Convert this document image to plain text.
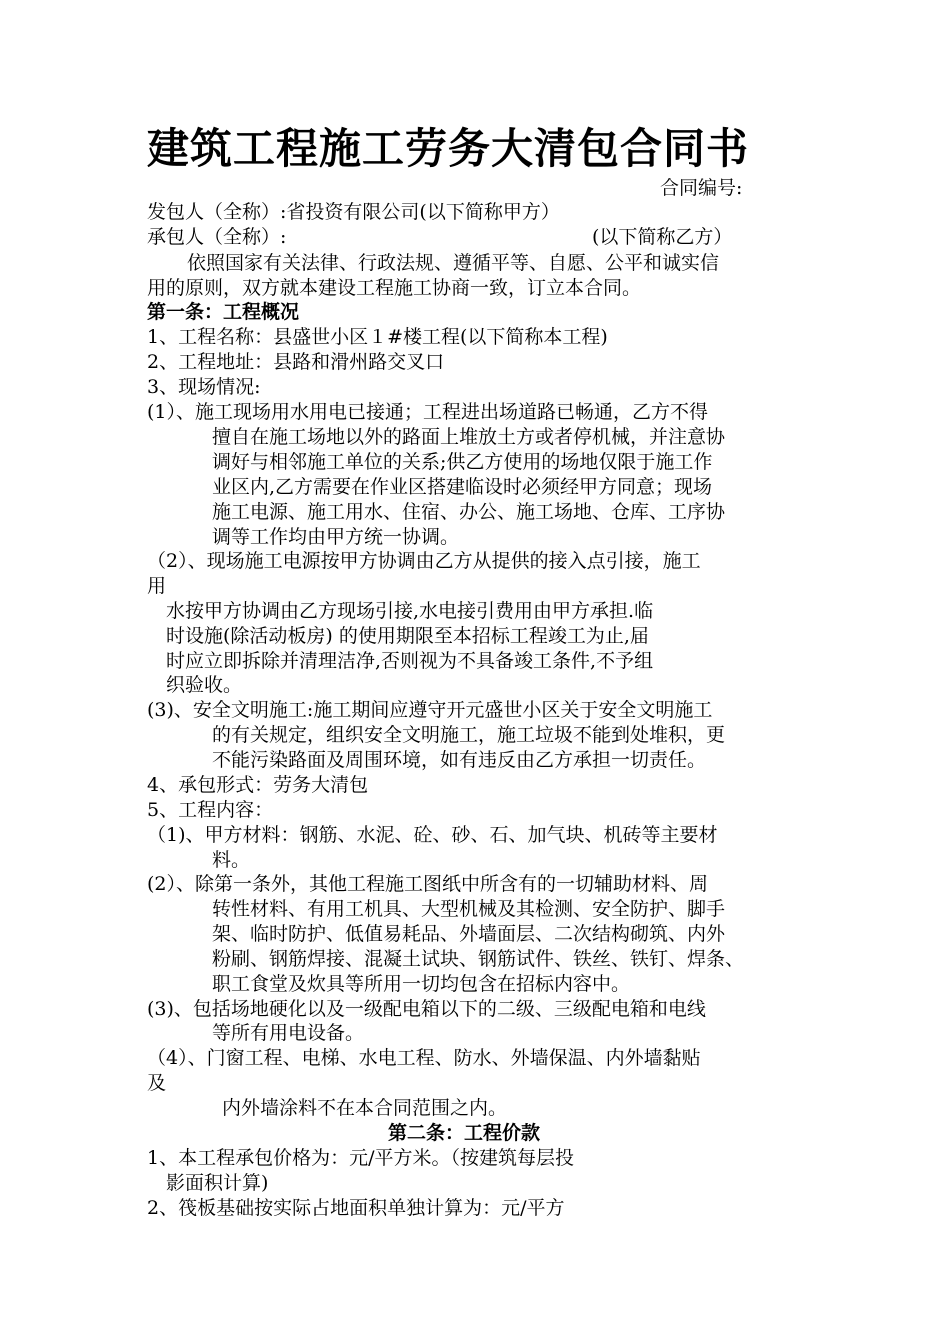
建筑工程施工劳务大清包合同书
合同编号:
发包人（全称）:省投资有限公司(以下简称甲方）
承包人（全称）:	(以下简称乙方）
依照国家有关法律、行政法规、遵循平等、自愿、公平和诚实信
用的原则，双方就本建设工程施工协商一致，订立本合同。
第一条：工程概况
1、工程名称：县盛世小区１#楼工程(以下简称本工程)
2、工程地址：县路和滑州路交叉口
3、现场情况:
(1）、施工现场用水用电已接通；工程进出场道路已畅通，乙方不得
擅自在施工场地以外的路面上堆放土方或者停机械，并注意协
调好与相邻施工单位的关系;供乙方使用的场地仅限于施工作
业区内,乙方需要在作业区搭建临设时必须经甲方同意；现场
施工电源、施工用水、住宿、办公、施工场地、仓库、工序协
调等工作均由甲方统一协调。
（2）、现场施工电源按甲方协调由乙方从提供的接入点引接，施工
用
水按甲方协调由乙方现场引接,水电接引费用由甲方承担.临
时设施(除活动板房) 的使用期限至本招标工程竣工为止,届
时应立即拆除并清理洁净,否则视为不具备竣工条件,不予组
织验收。
(3)、安全文明施工:施工期间应遵守开元盛世小区关于安全文明施工
的有关规定，组织安全文明施工，施工垃圾不能到处堆积，更
不能污染路面及周围环境，如有违反由乙方承担一切责任。
4、承包形式：劳务大清包
5、工程内容：
（1)、甲方材料：钢筋、水泥、砼、砂、石、加气块、机砖等主要材
料。
(2）、除第一条外，其他工程施工图纸中所含有的一切辅助材料、周
转性材料、有用工机具、大型机械及其检测、安全防护、脚手
架、临时防护、低值易耗品、外墙面层、二次结构砌筑、内外
粉刷、钢筋焊接、混凝土试块、钢筋试件、铁丝、铁钉、焊条、
职工食堂及炊具等所用一切均包含在招标内容中。
(3)、包括场地硬化以及一级配电箱以下的二级、三级配电箱和电线
等所有用电设备。
（4）、门窗工程、电梯、水电工程、防水、外墙保温、内外墙黏贴
及
内外墙涂料不在本合同范围之内。
第二条：工程价款
1、本工程承包价格为：元/平方米。（按建筑每层投
影面积计算)
2、筏板基础按实际占地面积单独计算为：元/平方
